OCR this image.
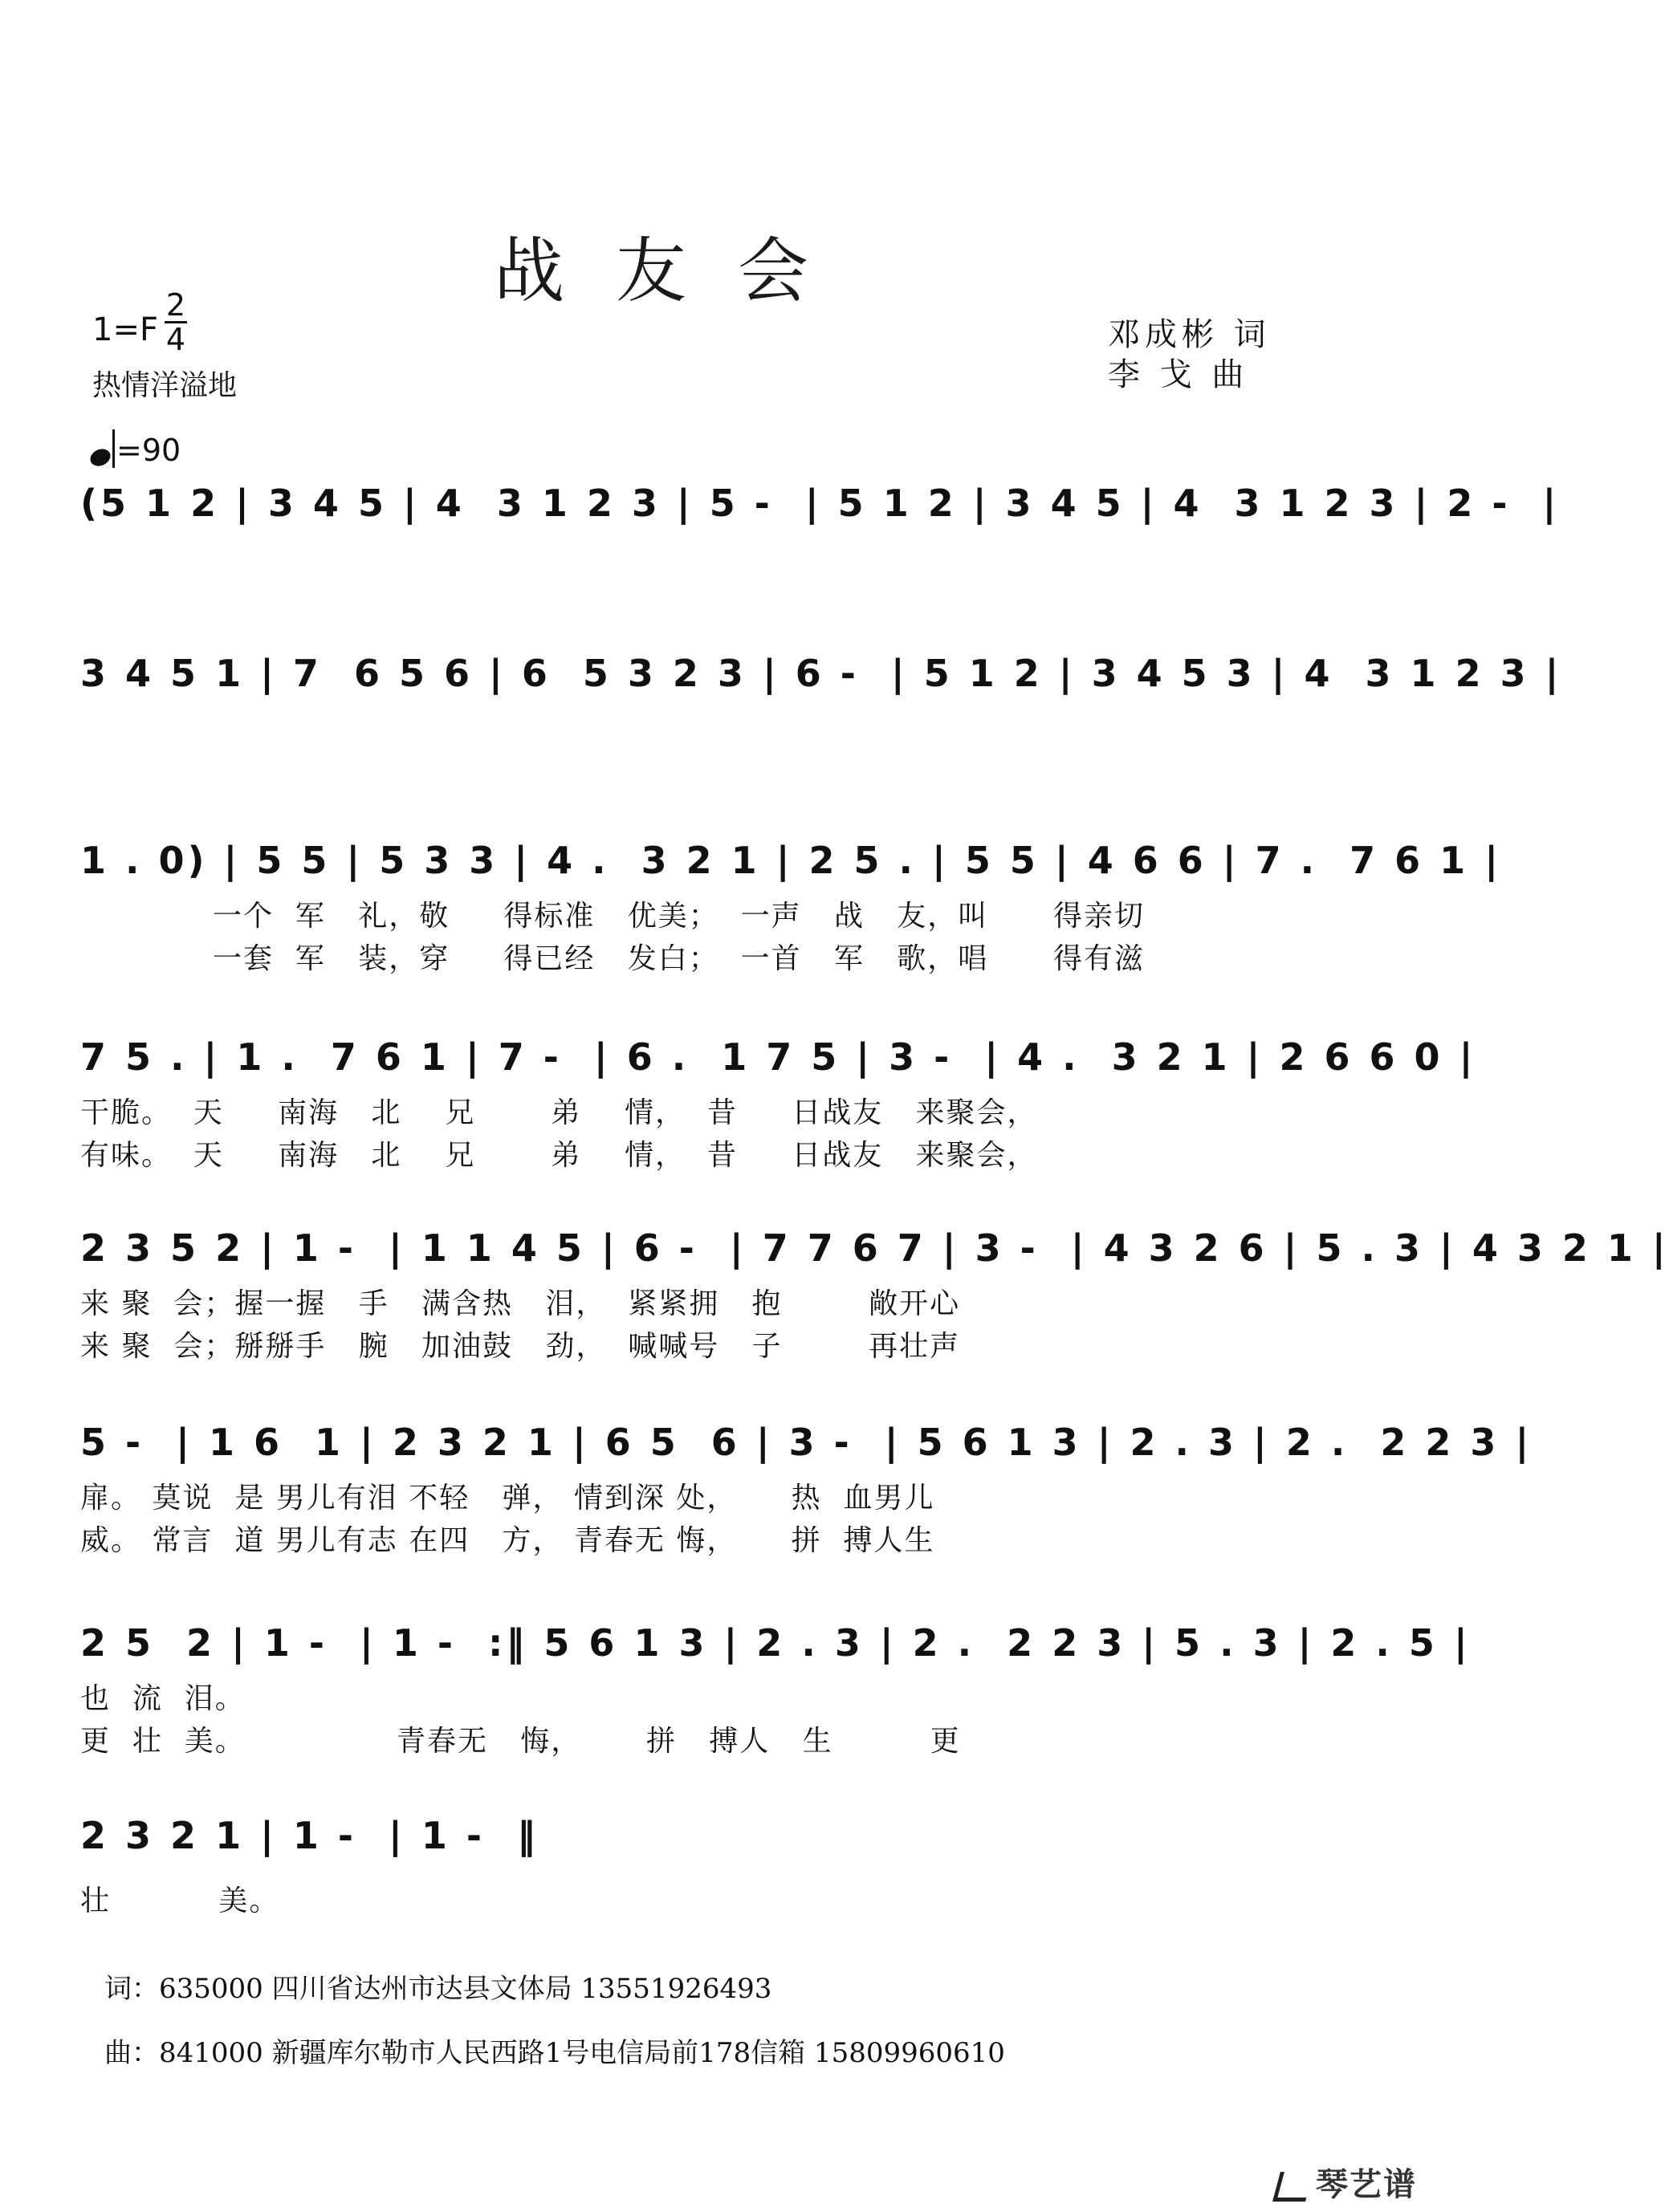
战 友 会
1=F
2
4
热情洋溢地
=90
邓成彬 词
李 戈 曲
(5 1 2 | 3 4 5 | 4  3 1 2 3 | 5 -  | 5 1 2 | 3 4 5 | 4  3 1 2 3 | 2 -  |
3 4 5 1 | 7  6 5 6 | 6  5 3 2 3 | 6 -  | 5 1 2 | 3 4 5 3 | 4  3 1 2 3 |
1 . 0) | 5 5 | 5 3 3 | 4 .  3 2 1 | 2 5 . | 5 5 | 4 6 6 | 7 .  7 6 1 |
一个  军   礼，敬     得标准   优美；  一声   战   友，叫      得亲切
一套  军   装，穿     得已经   发白；  一首   军   歌，唱      得有滋
7 5 . | 1 .  7 6 1 | 7 -  | 6 .  1 7 5 | 3 -  | 4 .  3 2 1 | 2 6 6 0 |
干脆。  天     南海   北    兄       弟    情，  昔     日战友   来聚会，
有味。  天     南海   北    兄       弟    情，  昔     日战友   来聚会，
2 3 5 2 | 1 -  | 1 1 4 5 | 6 -  | 7 7 6 7 | 3 -  | 4 3 2 6 | 5 . 3 | 4 3 2 1 |
来 聚  会；握一握   手   满含热   泪，  紧紧拥   抱        敞开心
来 聚  会；掰掰手   腕   加油鼓   劲，  喊喊号   子        再壮声
5 -  | 1 6  1 | 2 3 2 1 | 6 5  6 | 3 -  | 5 6 1 3 | 2 . 3 | 2 .  2 2 3 |
扉。 莫说  是 男儿有泪 不轻   弹， 情到深 处，     热  血男儿
威。 常言  道 男儿有志 在四   方， 青春无 悔，     拼  搏人生
2 5  2 | 1 -  | 1 -  :‖ 5 6 1 3 | 2 . 3 | 2 .  2 2 3 | 5 . 3 | 2 . 5 |
也  流  泪。
更  壮  美。              青春无   悔，      拼   搏人   生         更
2 3 2 1 | 1 -  | 1 -  ‖
壮          美。
词：635000 四川省达州市达县文体局 13551926493
曲：841000 新疆库尔勒市人民西路1号电信局前178信箱 15809960610
琴艺谱
